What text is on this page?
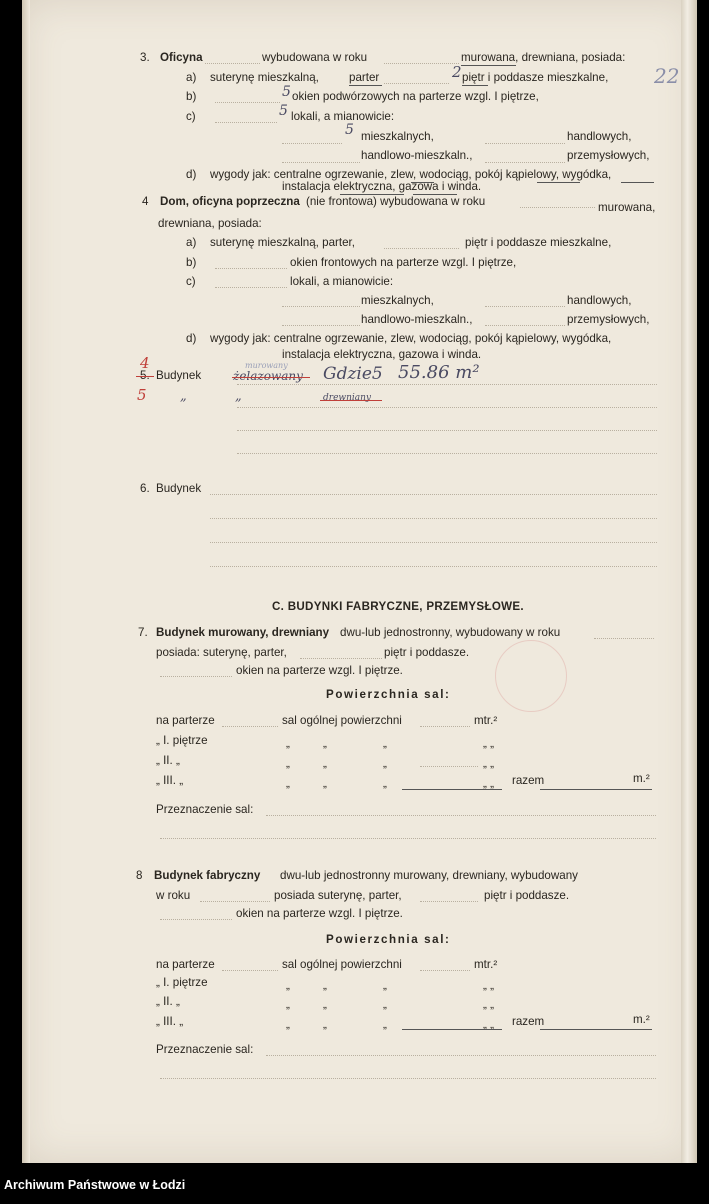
3. Oficyna	wybudowana w roku	murowana, drewniana, posiada:
22
a) suterynę mieszkalną,	parter	2 piętr i poddasze mieszkalne,
b)	5 okien podwórzowych na parterze wzgl. I piętrze,
c)	5 lokali, a mianowicie:
5 mieszkalnych,	handlowych,
handlowo-mieszkaln.,	przemysłowych,
d) wygody jak: centralne ogrzewanie, zlew, wodociąg, pokój kąpielowy, wygódka,
instalacja elektryczna, gazowa i winda.
4 Dom, oficyna poprzeczna (nie frontowa) wybudowana w roku	murowana,
drewniana, posiada:
a) suterynę mieszkalną, parter,	piętr i poddasze mieszkalne,
b)	okien frontowych na parterze wzgl. I piętrze,
c)	lokali, a mianowicie:
mieszkalnych,	handlowych,
handlowo-mieszkaln.,	przemysłowych,
d) wygody jak: centralne ogrzewanie, zlew, wodociąg, pokój kąpielowy, wygódka,
instalacja elektryczna, gazowa i winda.
4
5. Budynek
murowany
żelazowany Gdzie5 55.86 m²
5	„	„	drewniany
6. Budynek
C. BUDYNKI FABRYCZNE, PRZEMYSŁOWE.
7. Budynek murowany, drewniany dwu-lub jednostronny, wybudowany w roku
posiada: suterynę, parter,	piętr i poddasze.
okien na parterze wzgl. I piętrze.
Powierzchnia sal:
na parterze	sal ogólnej powierzchni	mtr.²
„ I. piętrze	„	„	„	„ „
„ II. „	„	„	„	„ „
„ III. „	„	„	„	„ „ razem	m.²
Przeznaczenie sal:
8 Budynek fabryczny dwu-lub jednostronny murowany, drewniany, wybudowany
w roku	posiada suterynę, parter,	piętr i poddasze.
okien na parterze wzgl. I piętrze.
Powierzchnia sal:
na parterze	sal ogólnej powierzchni	mtr.²
„ I. piętrze	„	„	„	„ „
„ II. „	„	„	„	„ „
„ III. „	„	„	„	„ „ razem	m.²
Przeznaczenie sal:
Archiwum Państwowe w Łodzi
